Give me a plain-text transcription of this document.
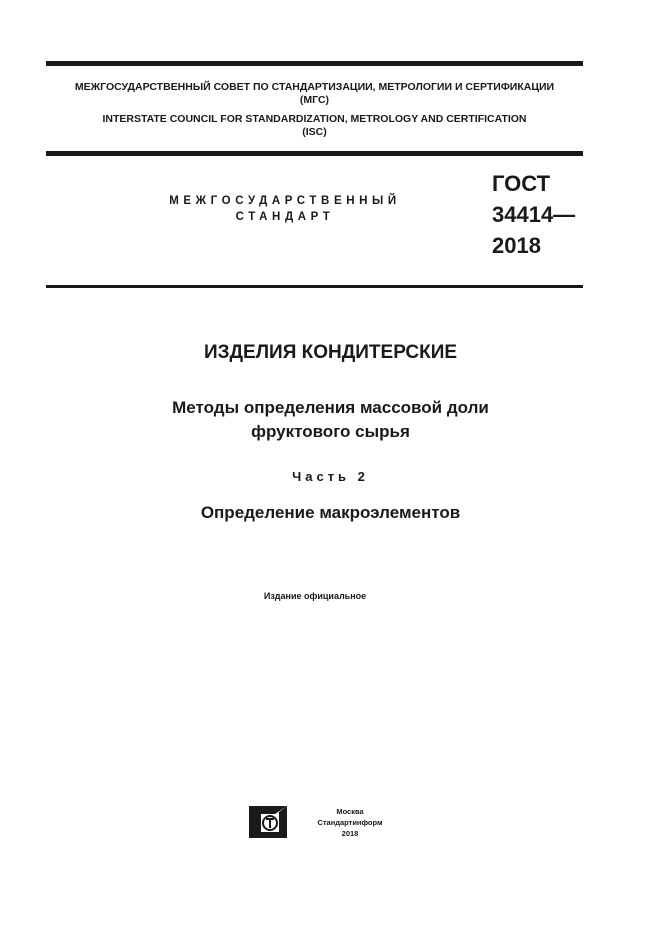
МЕЖГОСУДАРСТВЕННЫЙ СОВЕТ ПО СТАНДАРТИЗАЦИИ, МЕТРОЛОГИИ И СЕРТИФИКАЦИИ
(МГС)
INTERSTATE COUNCIL FOR STANDARDIZATION, METROLOGY AND CERTIFICATION
(ISC)
МЕЖГОСУДАРСТВЕННЫЙ
СТАНДАРТ
ГОСТ
34414—
2018
ИЗДЕЛИЯ КОНДИТЕРСКИЕ
Методы определения массовой доли
фруктового сырья
Часть 2
Определение макроэлементов
Издание официальное
Москва
Стандартинформ
2018
